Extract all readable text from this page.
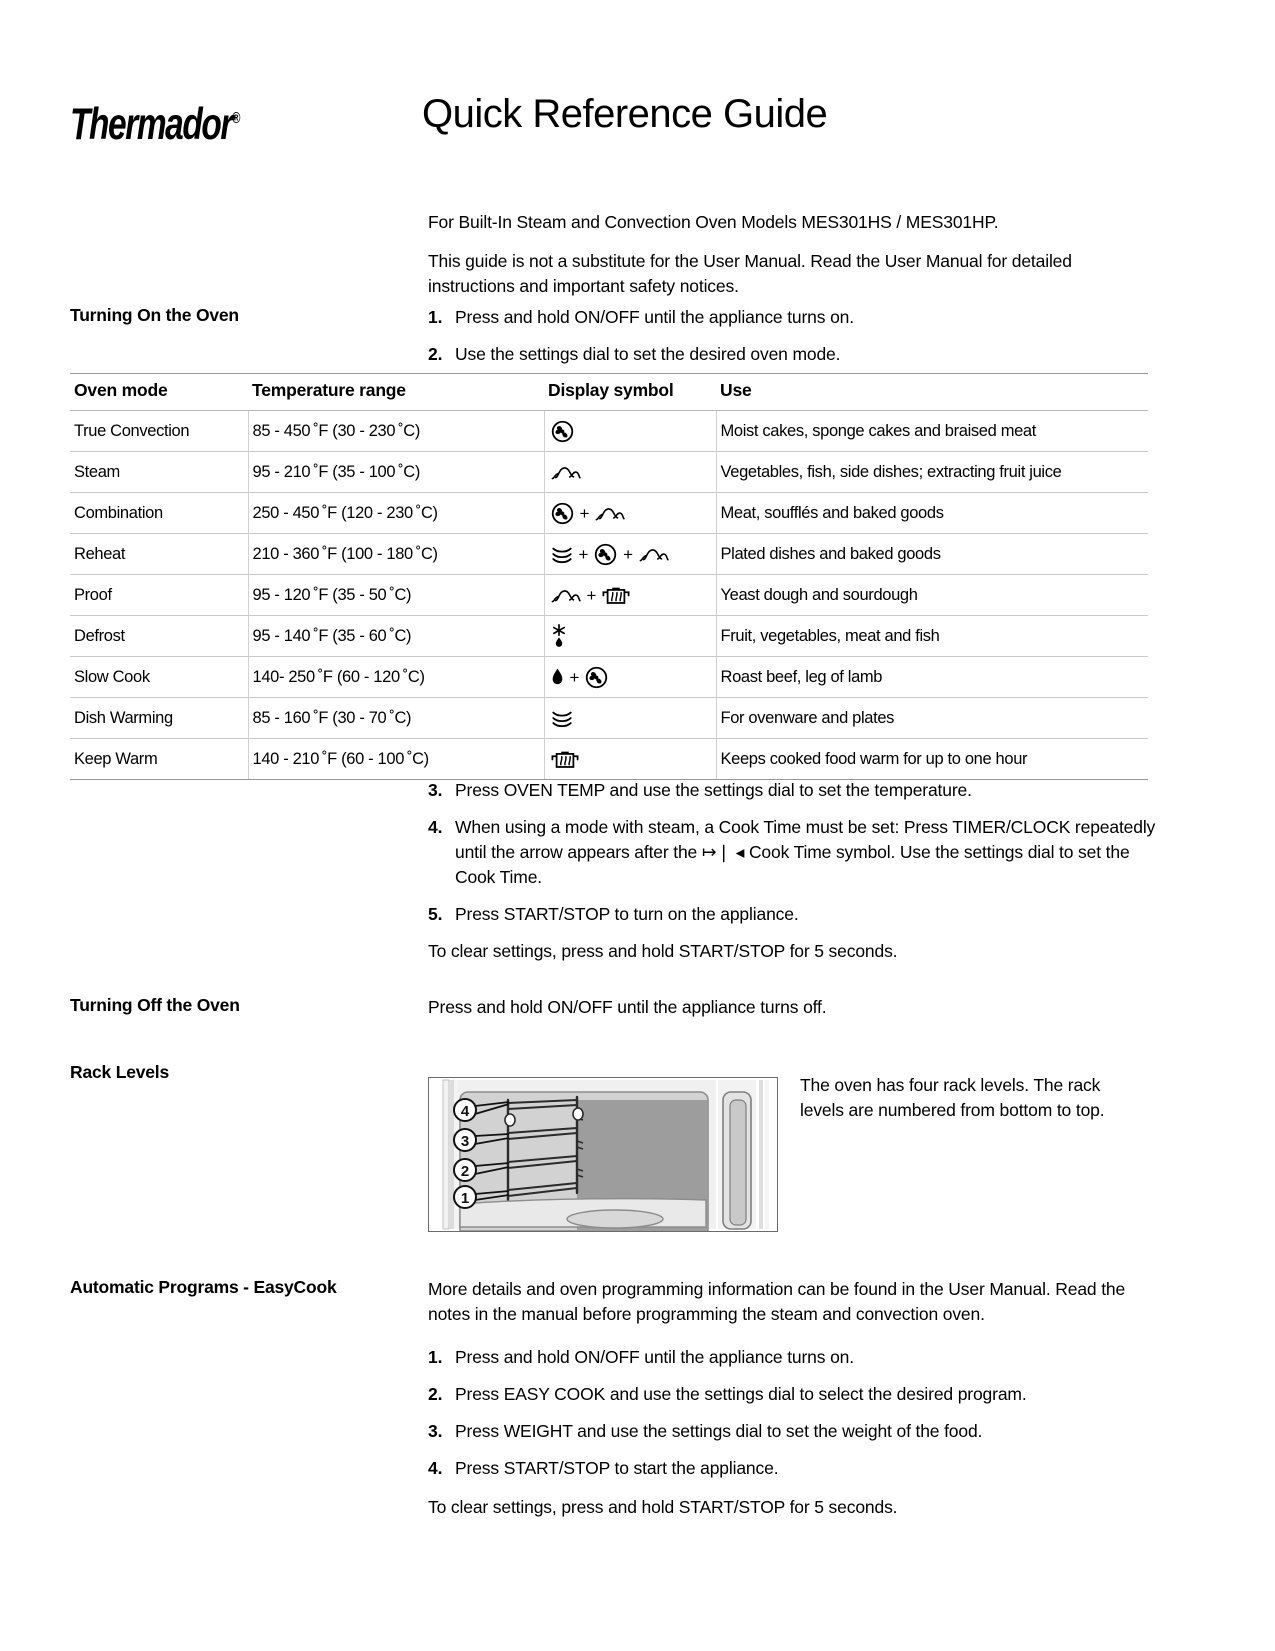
Thermador®	Quick Reference Guide

For Built-In Steam and Convection Oven Models MES301HS / MES301HP.

This guide is not a substitute for the User Manual. Read the User Manual for detailed instructions and important safety notices.

Turning On the Oven	1. Press and hold ON/OFF until the appliance turns on.
2. Use the settings dial to set the desired oven mode.
Oven mode	Temperature range	Display symbol	Use
True Convection	85 - 450 ˚F (30 - 230 ˚C)		Moist cakes, sponge cakes and braised meat
Steam	95 - 210 ˚F (35 - 100 ˚C)		Vegetables, fish, side dishes; extracting fruit juice
Combination	250 - 450 ˚F (120 - 230 ˚C)	+	Meat, soufflés and baked goods
Reheat	210 - 360 ˚F (100 - 180 ˚C)	+ +	Plated dishes and baked goods
Proof	95 - 120 ˚F (35 - 50 ˚C)	+	Yeast dough and sourdough
Defrost	95 - 140 ˚F (35 - 60 ˚C)		Fruit, vegetables, meat and fish
Slow Cook	140- 250 ˚F (60 - 120 ˚C)	+	Roast beef, leg of lamb
Dish Warming	85 - 160 ˚F (30 - 70 ˚C)		For ovenware and plates
Keep Warm	140 - 210 ˚F (60 - 100 ˚C)		Keeps cooked food warm for up to one hour
3. Press OVEN TEMP and use the settings dial to set the temperature.
4. When using a mode with steam, a Cook Time must be set: Press TIMER/CLOCK repeatedly until the arrow appears after the ↦❘ ◂ Cook Time symbol. Use the settings dial to set the Cook Time.
5. Press START/STOP to turn on the appliance.

To clear settings, press and hold START/STOP for 5 seconds.

Turning Off the Oven	Press and hold ON/OFF until the appliance turns off.
Rack Levels
4
3
2
1
The oven has four rack levels. The rack levels are numbered from bottom to top.
Automatic Programs - EasyCook	More details and oven programming information can be found in the User Manual. Read the notes in the manual before programming the steam and convection oven.

1. Press and hold ON/OFF until the appliance turns on.
2. Press EASY COOK and use the settings dial to select the desired program.
3. Press WEIGHT and use the settings dial to set the weight of the food.
4. Press START/STOP to start the appliance.

To clear settings, press and hold START/STOP for 5 seconds.
